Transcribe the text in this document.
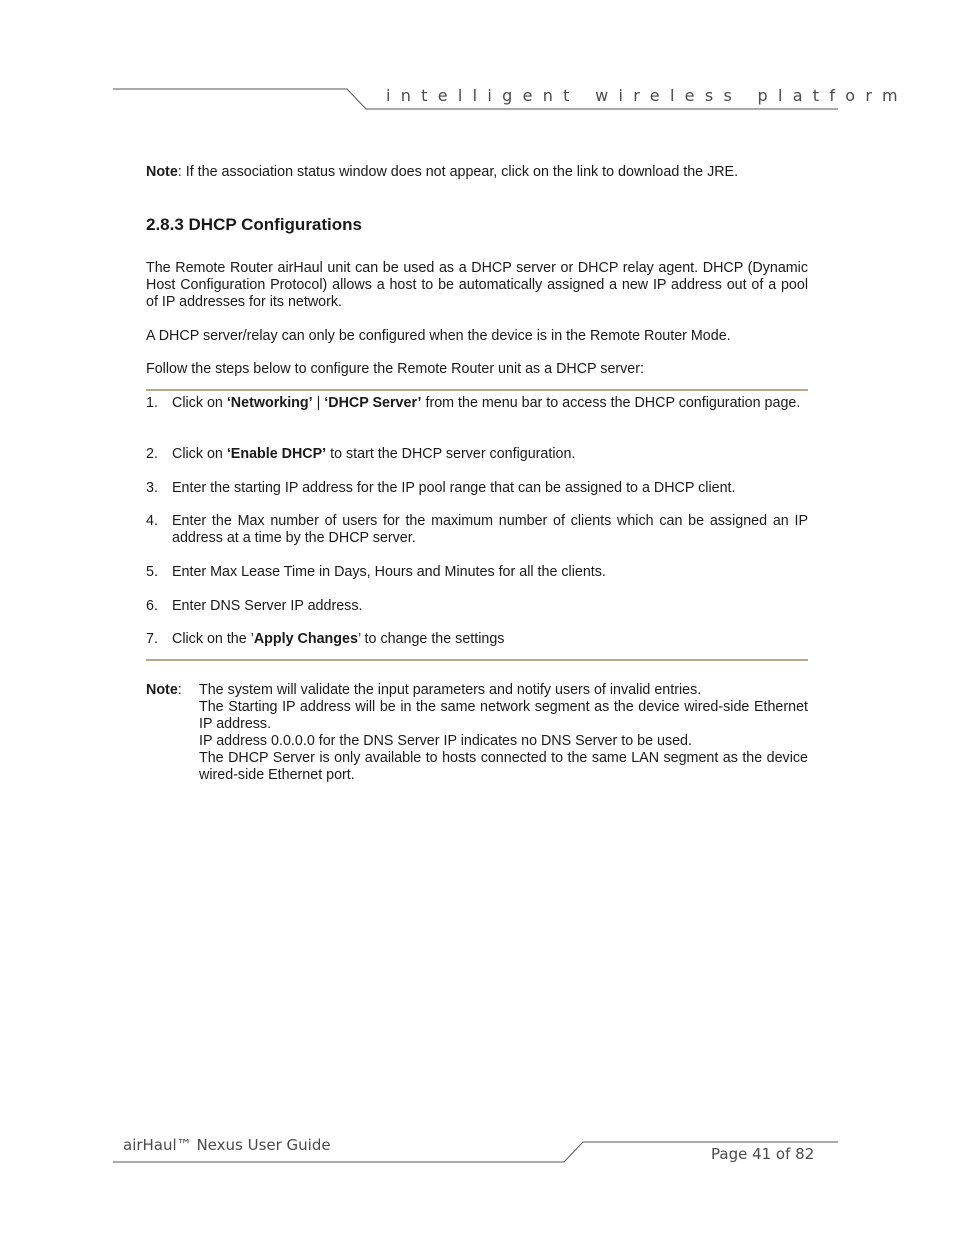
intelligent wireless platform
Note: If the association status window does not appear, click on the link to download the JRE.
2.8.3 DHCP Configurations
The Remote Router airHaul unit can be used as a DHCP server or DHCP relay agent. DHCP (Dynamic Host Configuration Protocol) allows a host to be automatically assigned a new IP address out of a pool of IP addresses for its network.
A DHCP server/relay can only be configured when the device is in the Remote Router Mode.
Follow the steps below to configure the Remote Router unit as a DHCP server:
1. Click on ‘Networking’ | ‘DHCP Server’ from the menu bar to access the DHCP configuration page.
2. Click on ‘Enable DHCP’ to start the DHCP server configuration.
3. Enter the starting IP address for the IP pool range that can be assigned to a DHCP client.
4. Enter the Max number of users for the maximum number of clients which can be assigned an IP address at a time by the DHCP server.
5. Enter Max Lease Time in Days, Hours and Minutes for all the clients.
6. Enter DNS Server IP address.
7. Click on the ’Apply Changes’ to change the settings
Note: The system will validate the input parameters and notify users of invalid entries.
The Starting IP address will be in the same network segment as the device wired-side Ethernet IP address.
IP address 0.0.0.0 for the DNS Server IP indicates no DNS Server to be used.
The DHCP Server is only available to hosts connected to the same LAN segment as the device wired-side Ethernet port.
airHaul™ Nexus User Guide	Page 41 of 82
